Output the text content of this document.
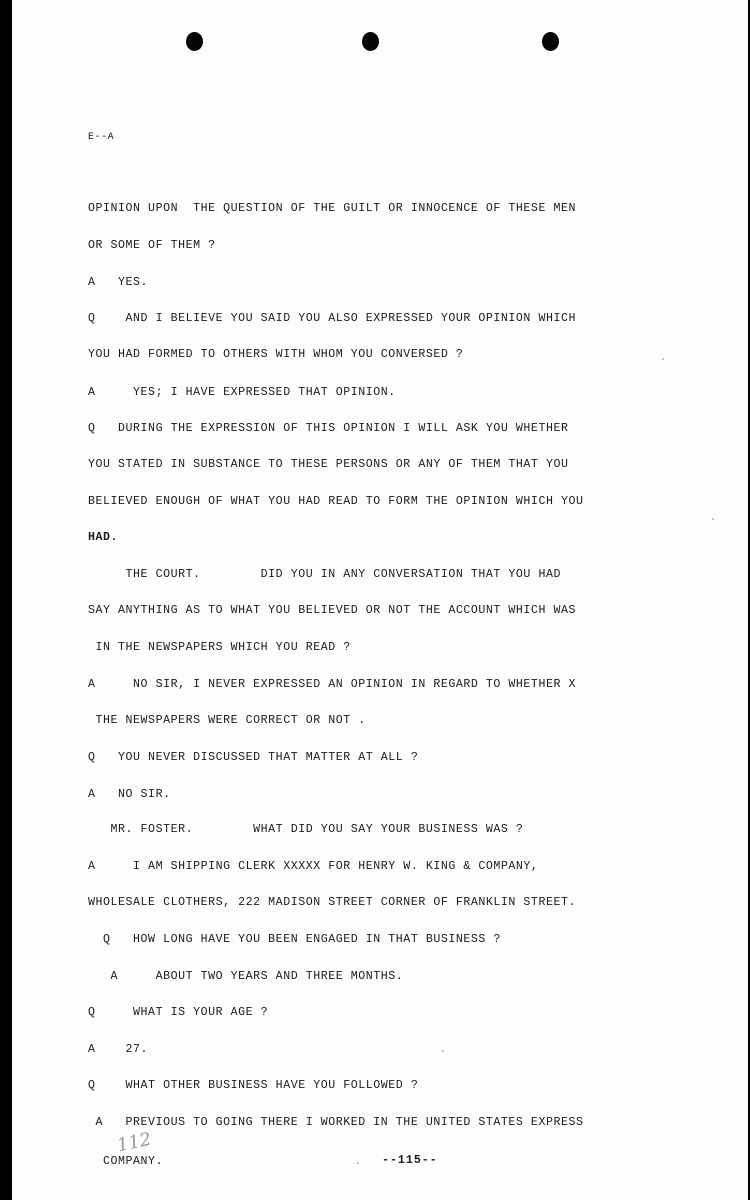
E--A
OPINION UPON  THE QUESTION OF THE GUILT OR INNOCENCE OF THESE MEN
OR SOME OF THEM ?
A   YES.
Q    AND I BELIEVE YOU SAID YOU ALSO EXPRESSED YOUR OPINION WHICH
YOU HAD FORMED TO OTHERS WITH WHOM YOU CONVERSED ?
A     YES; I HAVE EXPRESSED THAT OPINION.
Q   DURING THE EXPRESSION OF THIS OPINION I WILL ASK YOU WHETHER
YOU STATED IN SUBSTANCE TO THESE PERSONS OR ANY OF THEM THAT YOU
BELIEVED ENOUGH OF WHAT YOU HAD READ TO FORM THE OPINION WHICH YOU
HAD.
THE COURT.        DID YOU IN ANY CONVERSATION THAT YOU HAD
SAY ANYTHING AS TO WHAT YOU BELIEVED OR NOT THE ACCOUNT WHICH WAS
IN THE NEWSPAPERS WHICH YOU READ ?
A     NO SIR, I NEVER EXPRESSED AN OPINION IN REGARD TO WHETHER X
THE NEWSPAPERS WERE CORRECT OR NOT .
Q   YOU NEVER DISCUSSED THAT MATTER AT ALL ?
A   NO SIR.
MR. FOSTER.        WHAT DID YOU SAY YOUR BUSINESS WAS ?
A     I AM SHIPPING CLERK XXXXX FOR HENRY W. KING & COMPANY,
WHOLESALE CLOTHERS, 222 MADISON STREET CORNER OF FRANKLIN STREET.
Q   HOW LONG HAVE YOU BEEN ENGAGED IN THAT BUSINESS ?
A     ABOUT TWO YEARS AND THREE MONTHS.
Q     WHAT IS YOUR AGE ?
A    27.
Q    WHAT OTHER BUSINESS HAVE YOU FOLLOWED ?
A   PREVIOUS TO GOING THERE I WORKED IN THE UNITED STATES EXPRESS
COMPANY.	--115--
112
